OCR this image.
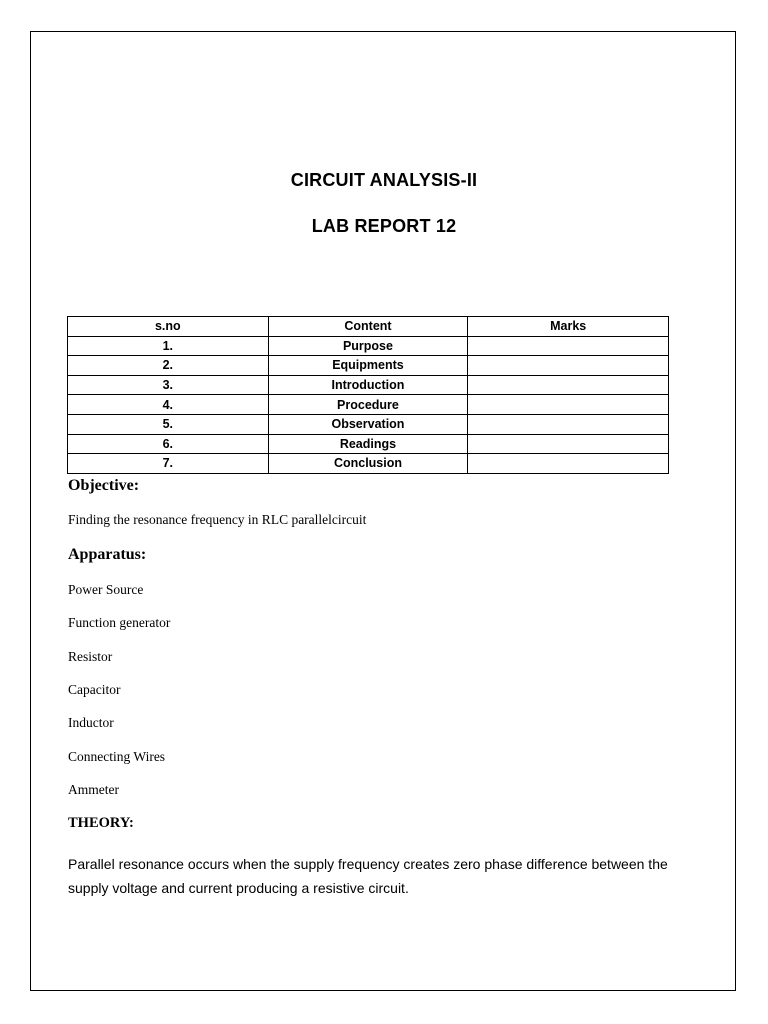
CIRCUIT ANALYSIS-II
LAB REPORT 12
s.no	Content	Marks
1.	Purpose	
2.	Equipments	
3.	Introduction	
4.	Procedure	
5.	Observation	
6.	Readings	
7.	Conclusion	
Objective:
Finding the resonance frequency in RLC parallelcircuit
Apparatus:
Power Source
Function generator
Resistor
Capacitor
Inductor
Connecting Wires
Ammeter
THEORY:
Parallel resonance occurs when the supply frequency creates zero phase difference between the supply voltage and current producing a resistive circuit.
